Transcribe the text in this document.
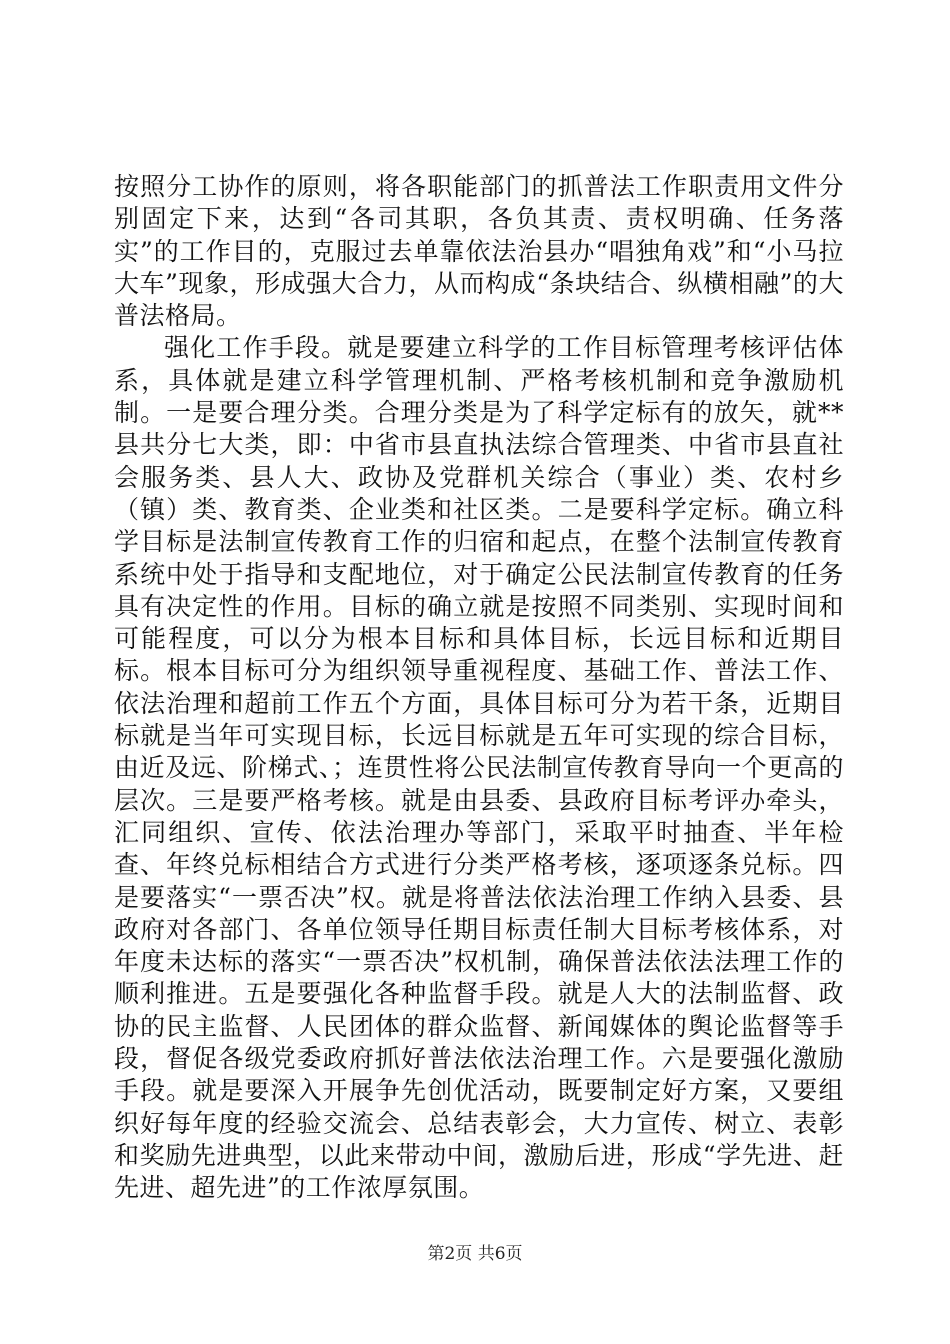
按照分工协作的原则，将各职能部门的抓普法工作职责用文件分别固定下来，达到“各司其职，各负其责、责权明确、任务落实”的工作目的，克服过去单靠依法治县办“唱独角戏”和“小马拉大车”现象，形成强大合力，从而构成“条块结合、纵横相融”的大普法格局。

强化工作手段。就是要建立科学的工作目标管理考核评估体系，具体就是建立科学管理机制、严格考核机制和竞争激励机制。一是要合理分类。合理分类是为了科学定标有的放矢，就**县共分七大类，即：中省市县直执法综合管理类、中省市县直社会服务类、县人大、政协及党群机关综合（事业）类、农村乡（镇）类、教育类、企业类和社区类。二是要科学定标。确立科学目标是法制宣传教育工作的归宿和起点，在整个法制宣传教育系统中处于指导和支配地位，对于确定公民法制宣传教育的任务具有决定性的作用。目标的确立就是按照不同类别、实现时间和可能程度，可以分为根本目标和具体目标，长远目标和近期目标。根本目标可分为组织领导重视程度、基础工作、普法工作、依法治理和超前工作五个方面，具体目标可分为若干条，近期目标就是当年可实现目标，长远目标就是五年可实现的综合目标，由近及远、阶梯式、；连贯性将公民法制宣传教育导向一个更高的层次。三是要严格考核。就是由县委、县政府目标考评办牵头，汇同组织、宣传、依法治理办等部门，采取平时抽查、半年检查、年终兑标相结合方式进行分类严格考核，逐项逐条兑标。四是要落实“一票否决”权。就是将普法依法治理工作纳入县委、县政府对各部门、各单位领导任期目标责任制大目标考核体系，对年度未达标的落实“一票否决”权机制，确保普法依法法理工作的顺利推进。五是要强化各种监督手段。就是人大的法制监督、政协的民主监督、人民团体的群众监督、新闻媒体的舆论监督等手段，督促各级党委政府抓好普法依法治理工作。六是要强化激励手段。就是要深入开展争先创优活动，既要制定好方案，又要组织好每年度的经验交流会、总结表彰会，大力宣传、树立、表彰和奖励先进典型，以此来带动中间，激励后进，形成“学先进、赶先进、超先进”的工作浓厚氛围。

第2页 共6页
